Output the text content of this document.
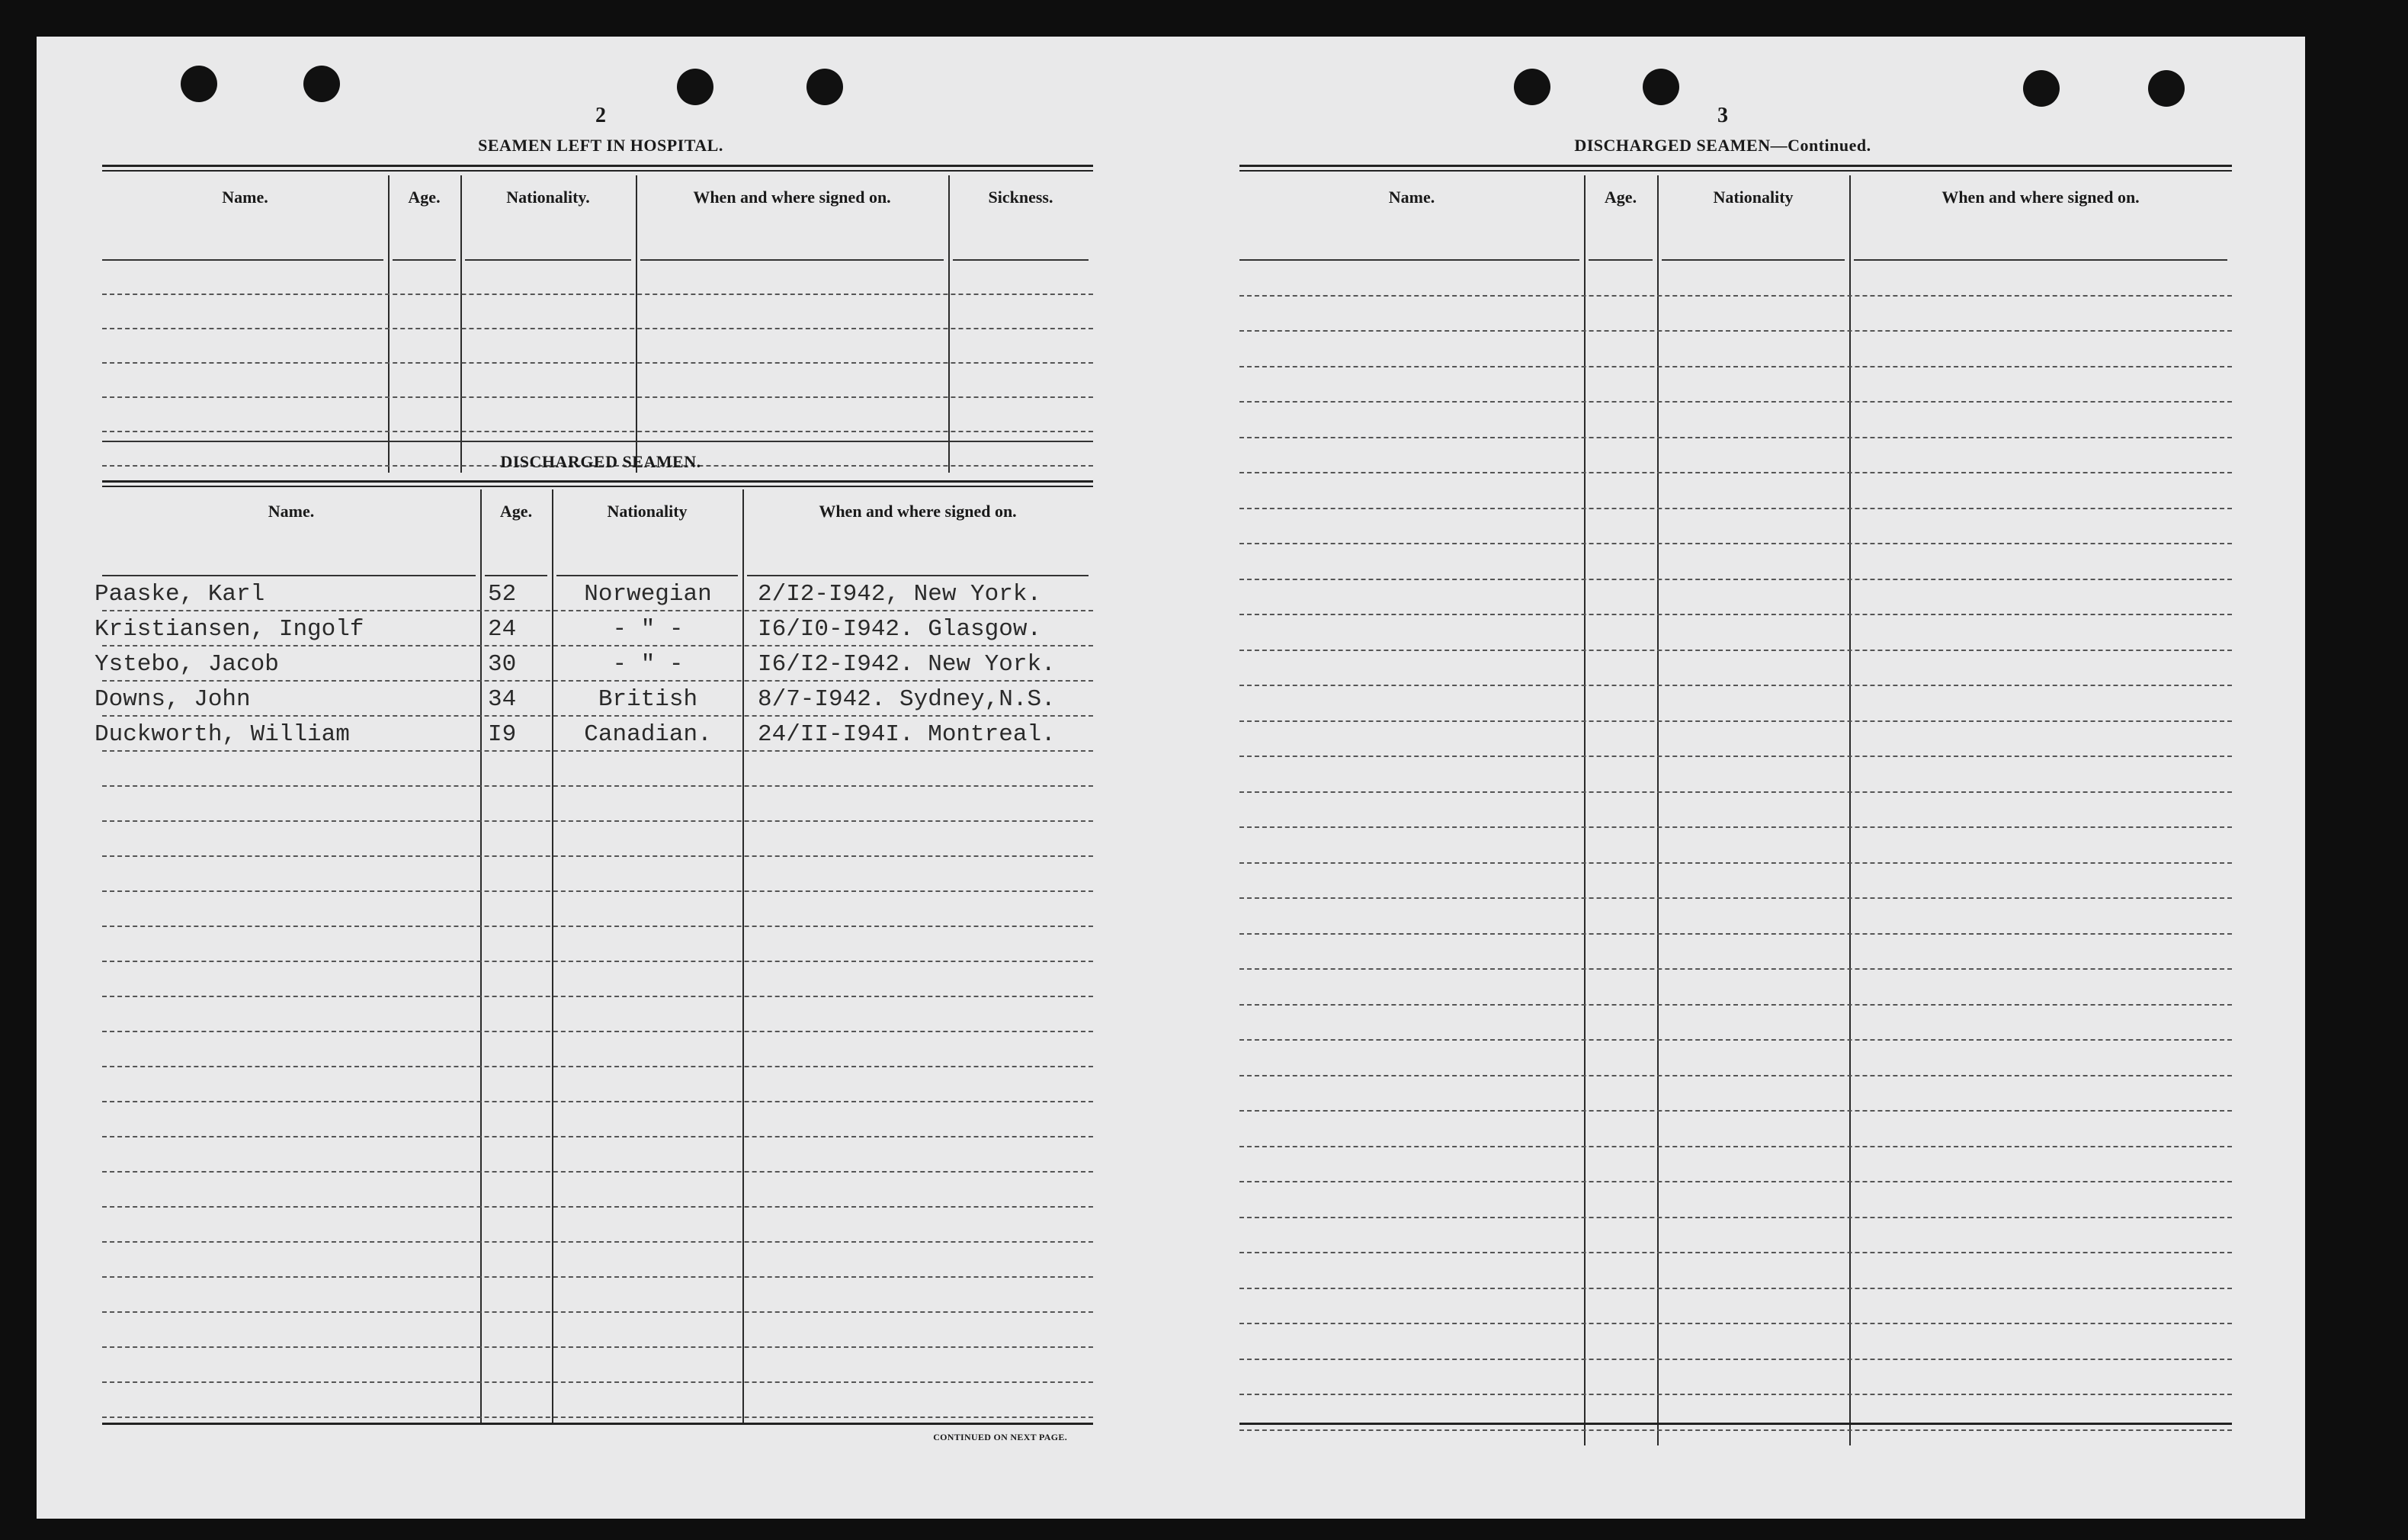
2
SEAMEN LEFT IN HOSPITAL.
Name.	Age.	Nationality.	When and where signed on.	Sickness.
DISCHARGED SEAMEN.
Name.	Age.	Nationality	When and where signed on.
Paaske, Karl	52	Norwegian	2/I2-I942, New York.
Kristiansen, Ingolf	24	- " -	I6/I0-I942. Glasgow.
Ystebo, Jacob	30	- " -	I6/I2-I942. New York.
Downs, John	34	British	8/7-I942. Sydney,N.S.
Duckworth, William	I9	Canadian.	24/II-I94I. Montreal.
CONTINUED ON NEXT PAGE.
3
DISCHARGED SEAMEN—Continued.
Name.	Age.	Nationality	When and where signed on.
